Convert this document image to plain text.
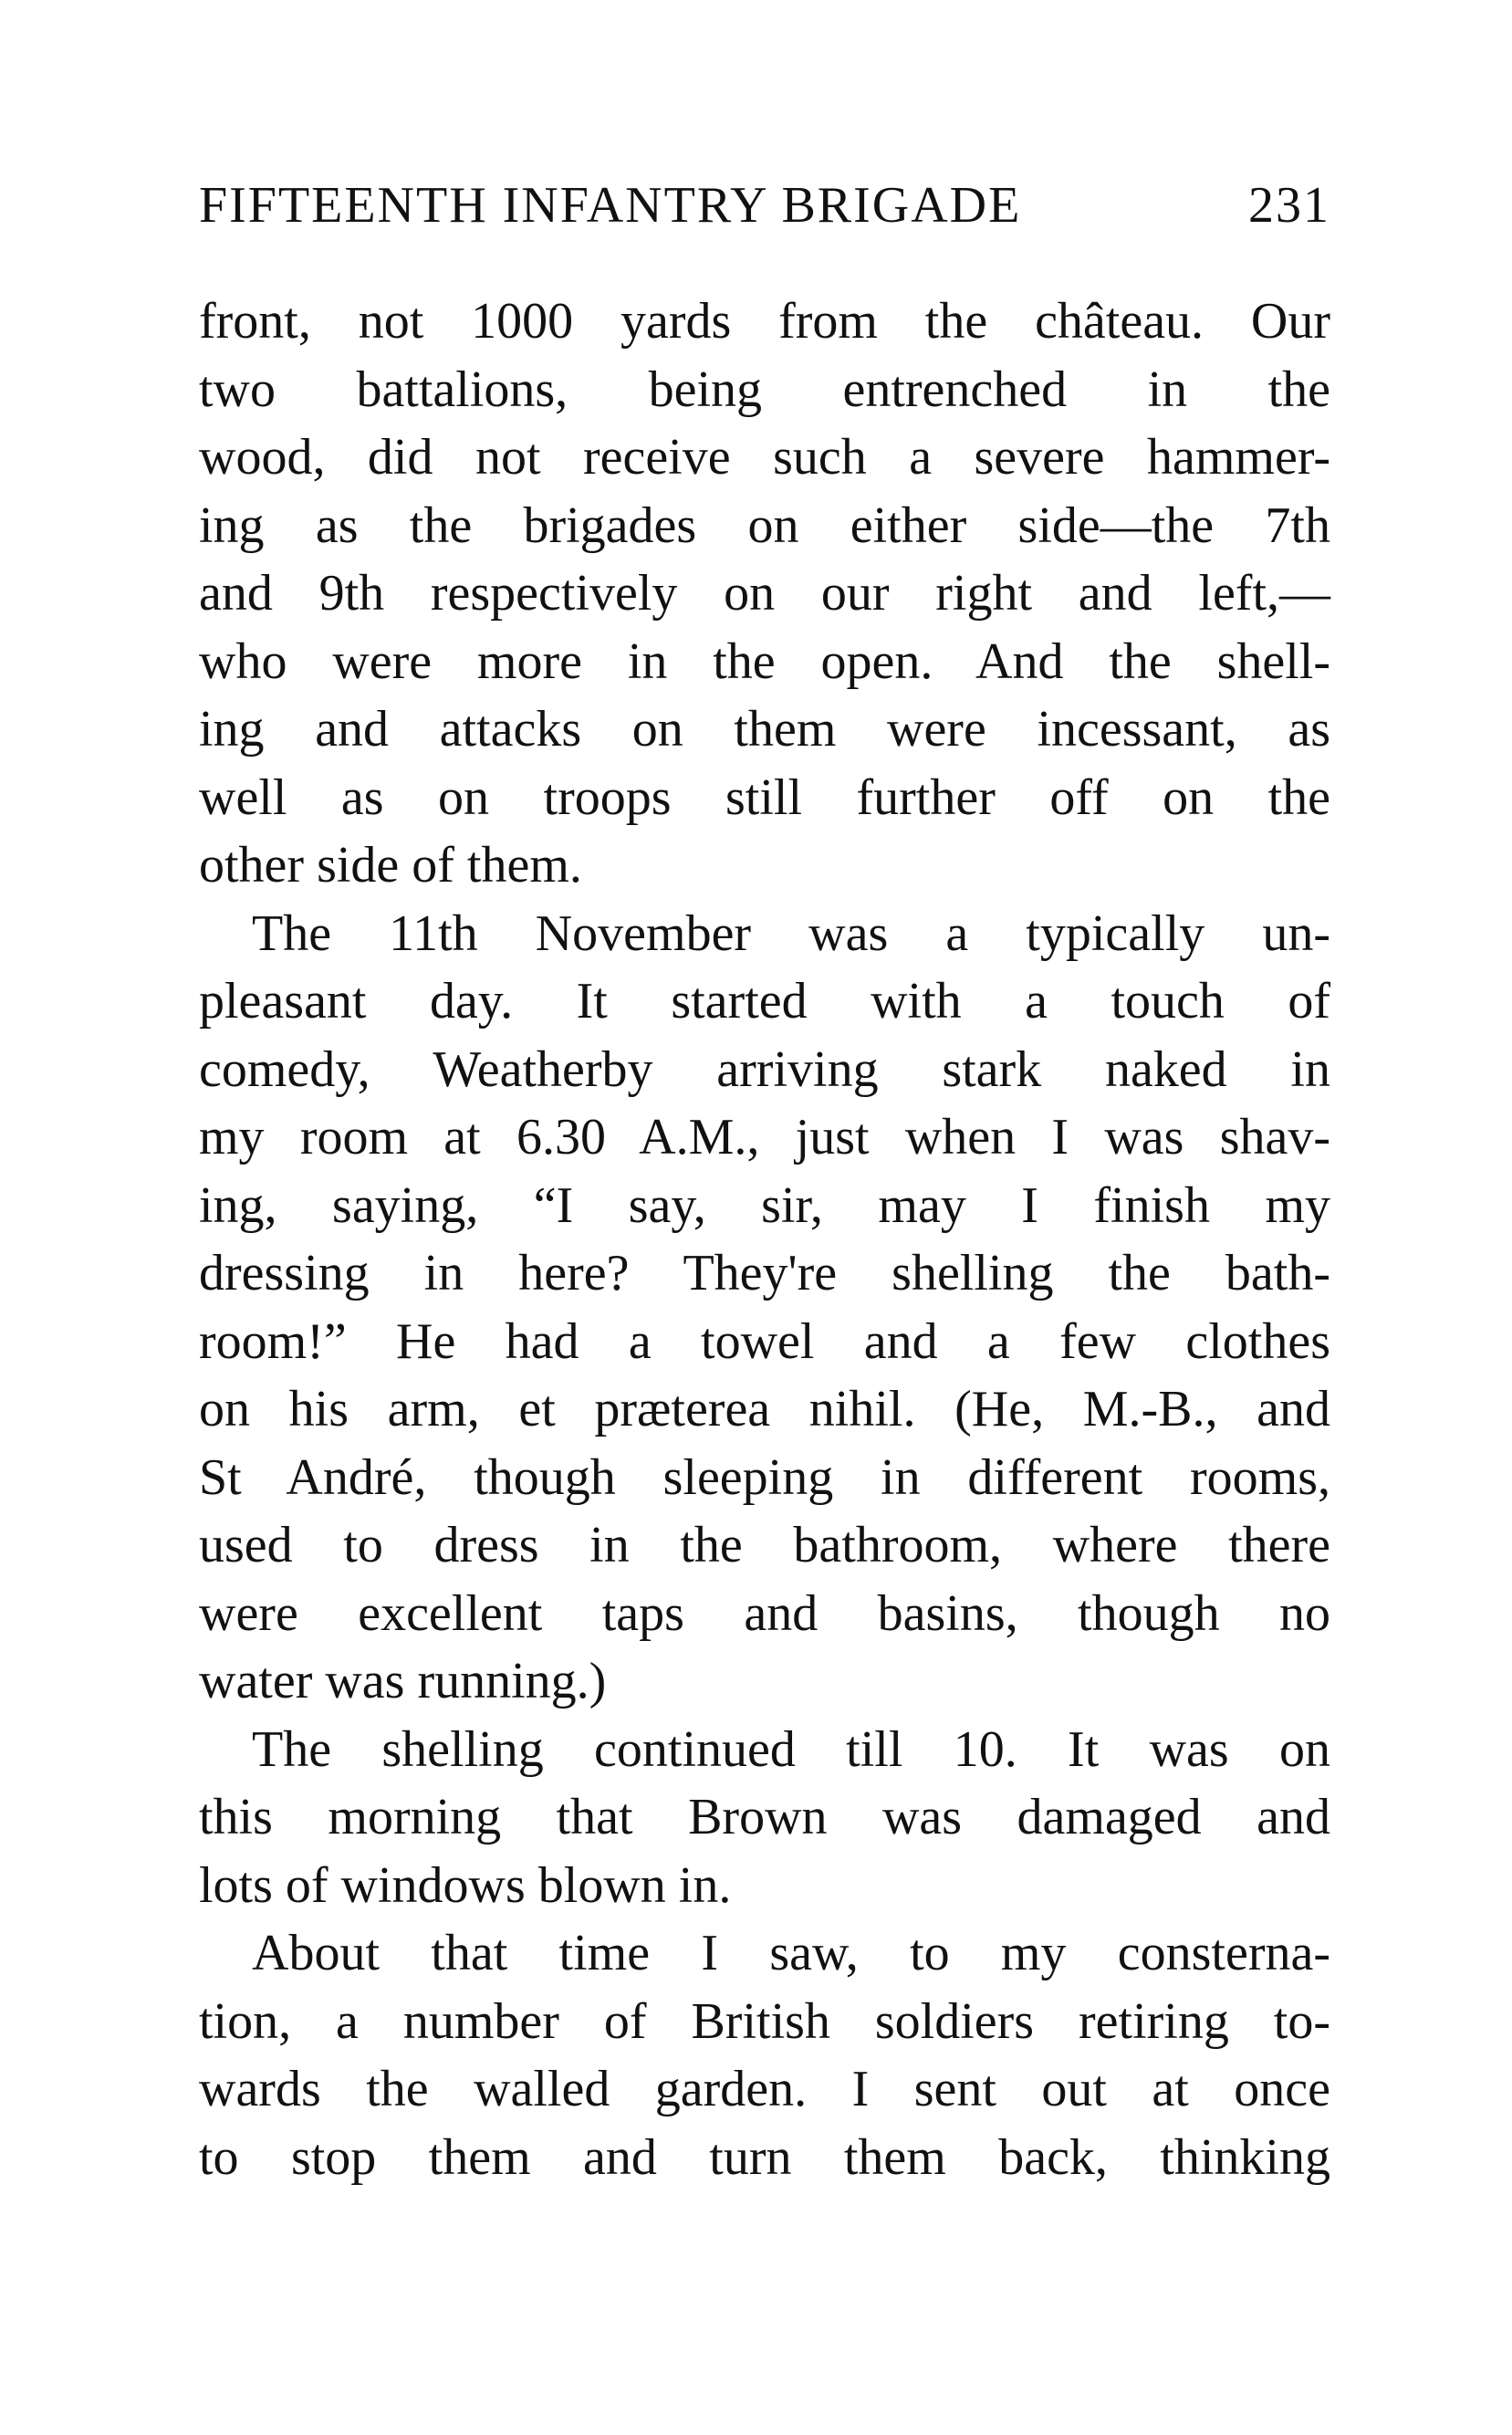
FIFTEENTH INFANTRY BRIGADE	231
front, not 1000 yards from the château. Our
two battalions, being entrenched in the
wood, did not receive such a severe hammer-
ing as the brigades on either side—the 7th
and 9th respectively on our right and left,—
who were more in the open. And the shell-
ing and attacks on them were incessant, as
well as on troops still further off on the
other side of them.
The 11th November was a typically un-
pleasant day. It started with a touch of
comedy, Weatherby arriving stark naked in
my room at 6.30 A.M., just when I was shav-
ing, saying, “I say, sir, may I finish my
dressing in here? They're shelling the bath-
room!” He had a towel and a few clothes
on his arm, et præterea nihil. (He, M.-B., and
St André, though sleeping in different rooms,
used to dress in the bathroom, where there
were excellent taps and basins, though no
water was running.)
The shelling continued till 10. It was on
this morning that Brown was damaged and
lots of windows blown in.
About that time I saw, to my consterna-
tion, a number of British soldiers retiring to-
wards the walled garden. I sent out at once
to stop them and turn them back, thinking
